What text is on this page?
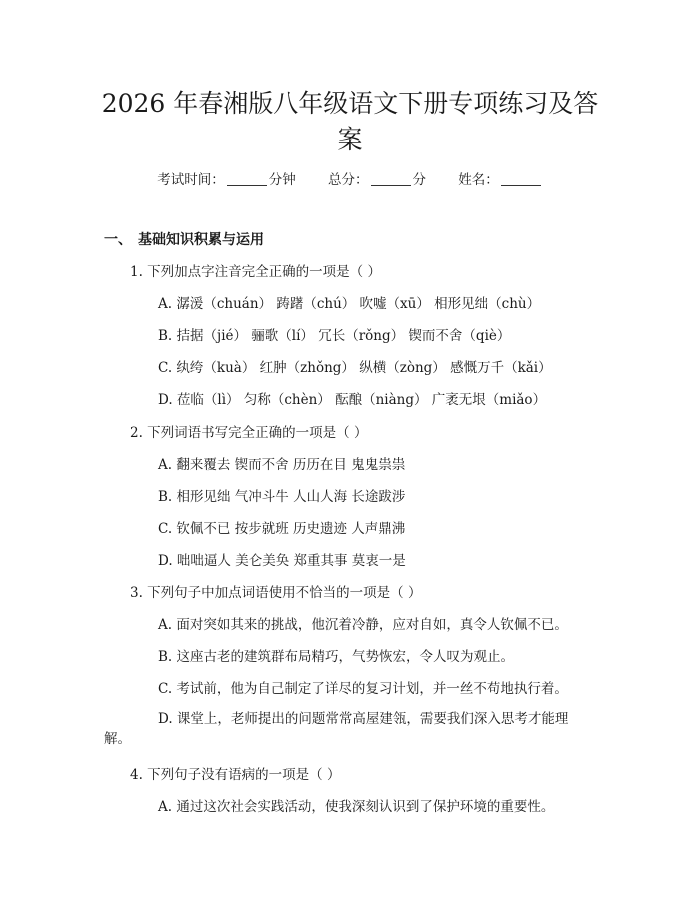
2026 年春湘版八年级语文下册专项练习及答
案
考试时间：	分钟 总分：	分 姓名：
一、 基础知识积累与运用
1. 下列加点字注音完全正确的一项是（ ）
A. 潺湲（chuán） 踌躇（chú） 吹嘘（xū） 相形见绌（chù）
B. 拮据（jié） 骊歌（lí） 冗长（rǒng） 锲而不舍（qiè）
C. 纨绔（kuà） 红肿（zhǒng） 纵横（zòng） 感慨万千（kǎi）
D. 莅临（lì） 匀称（chèn） 酝酿（niàng） 广袤无垠（miǎo）
2. 下列词语书写完全正确的一项是（ ）
A. 翻来覆去 锲而不舍 历历在目 鬼鬼祟祟
B. 相形见绌 气冲斗牛 人山人海 长途跋涉
C. 钦佩不已 按步就班 历史遗迹 人声鼎沸
D. 咄咄逼人 美仑美奂 郑重其事 莫衷一是
3. 下列句子中加点词语使用不恰当的一项是（ ）
A. 面对突如其来的挑战，他沉着冷静，应对自如，真令人钦佩不已。
B. 这座古老的建筑群布局精巧，气势恢宏，令人叹为观止。
C. 考试前，他为自己制定了详尽的复习计划，并一丝不苟地执行着。
D. 课堂上，老师提出的问题常常高屋建瓴，需要我们深入思考才能理解。
4. 下列句子没有语病的一项是（ ）
A. 通过这次社会实践活动，使我深刻认识到了保护环境的重要性。
